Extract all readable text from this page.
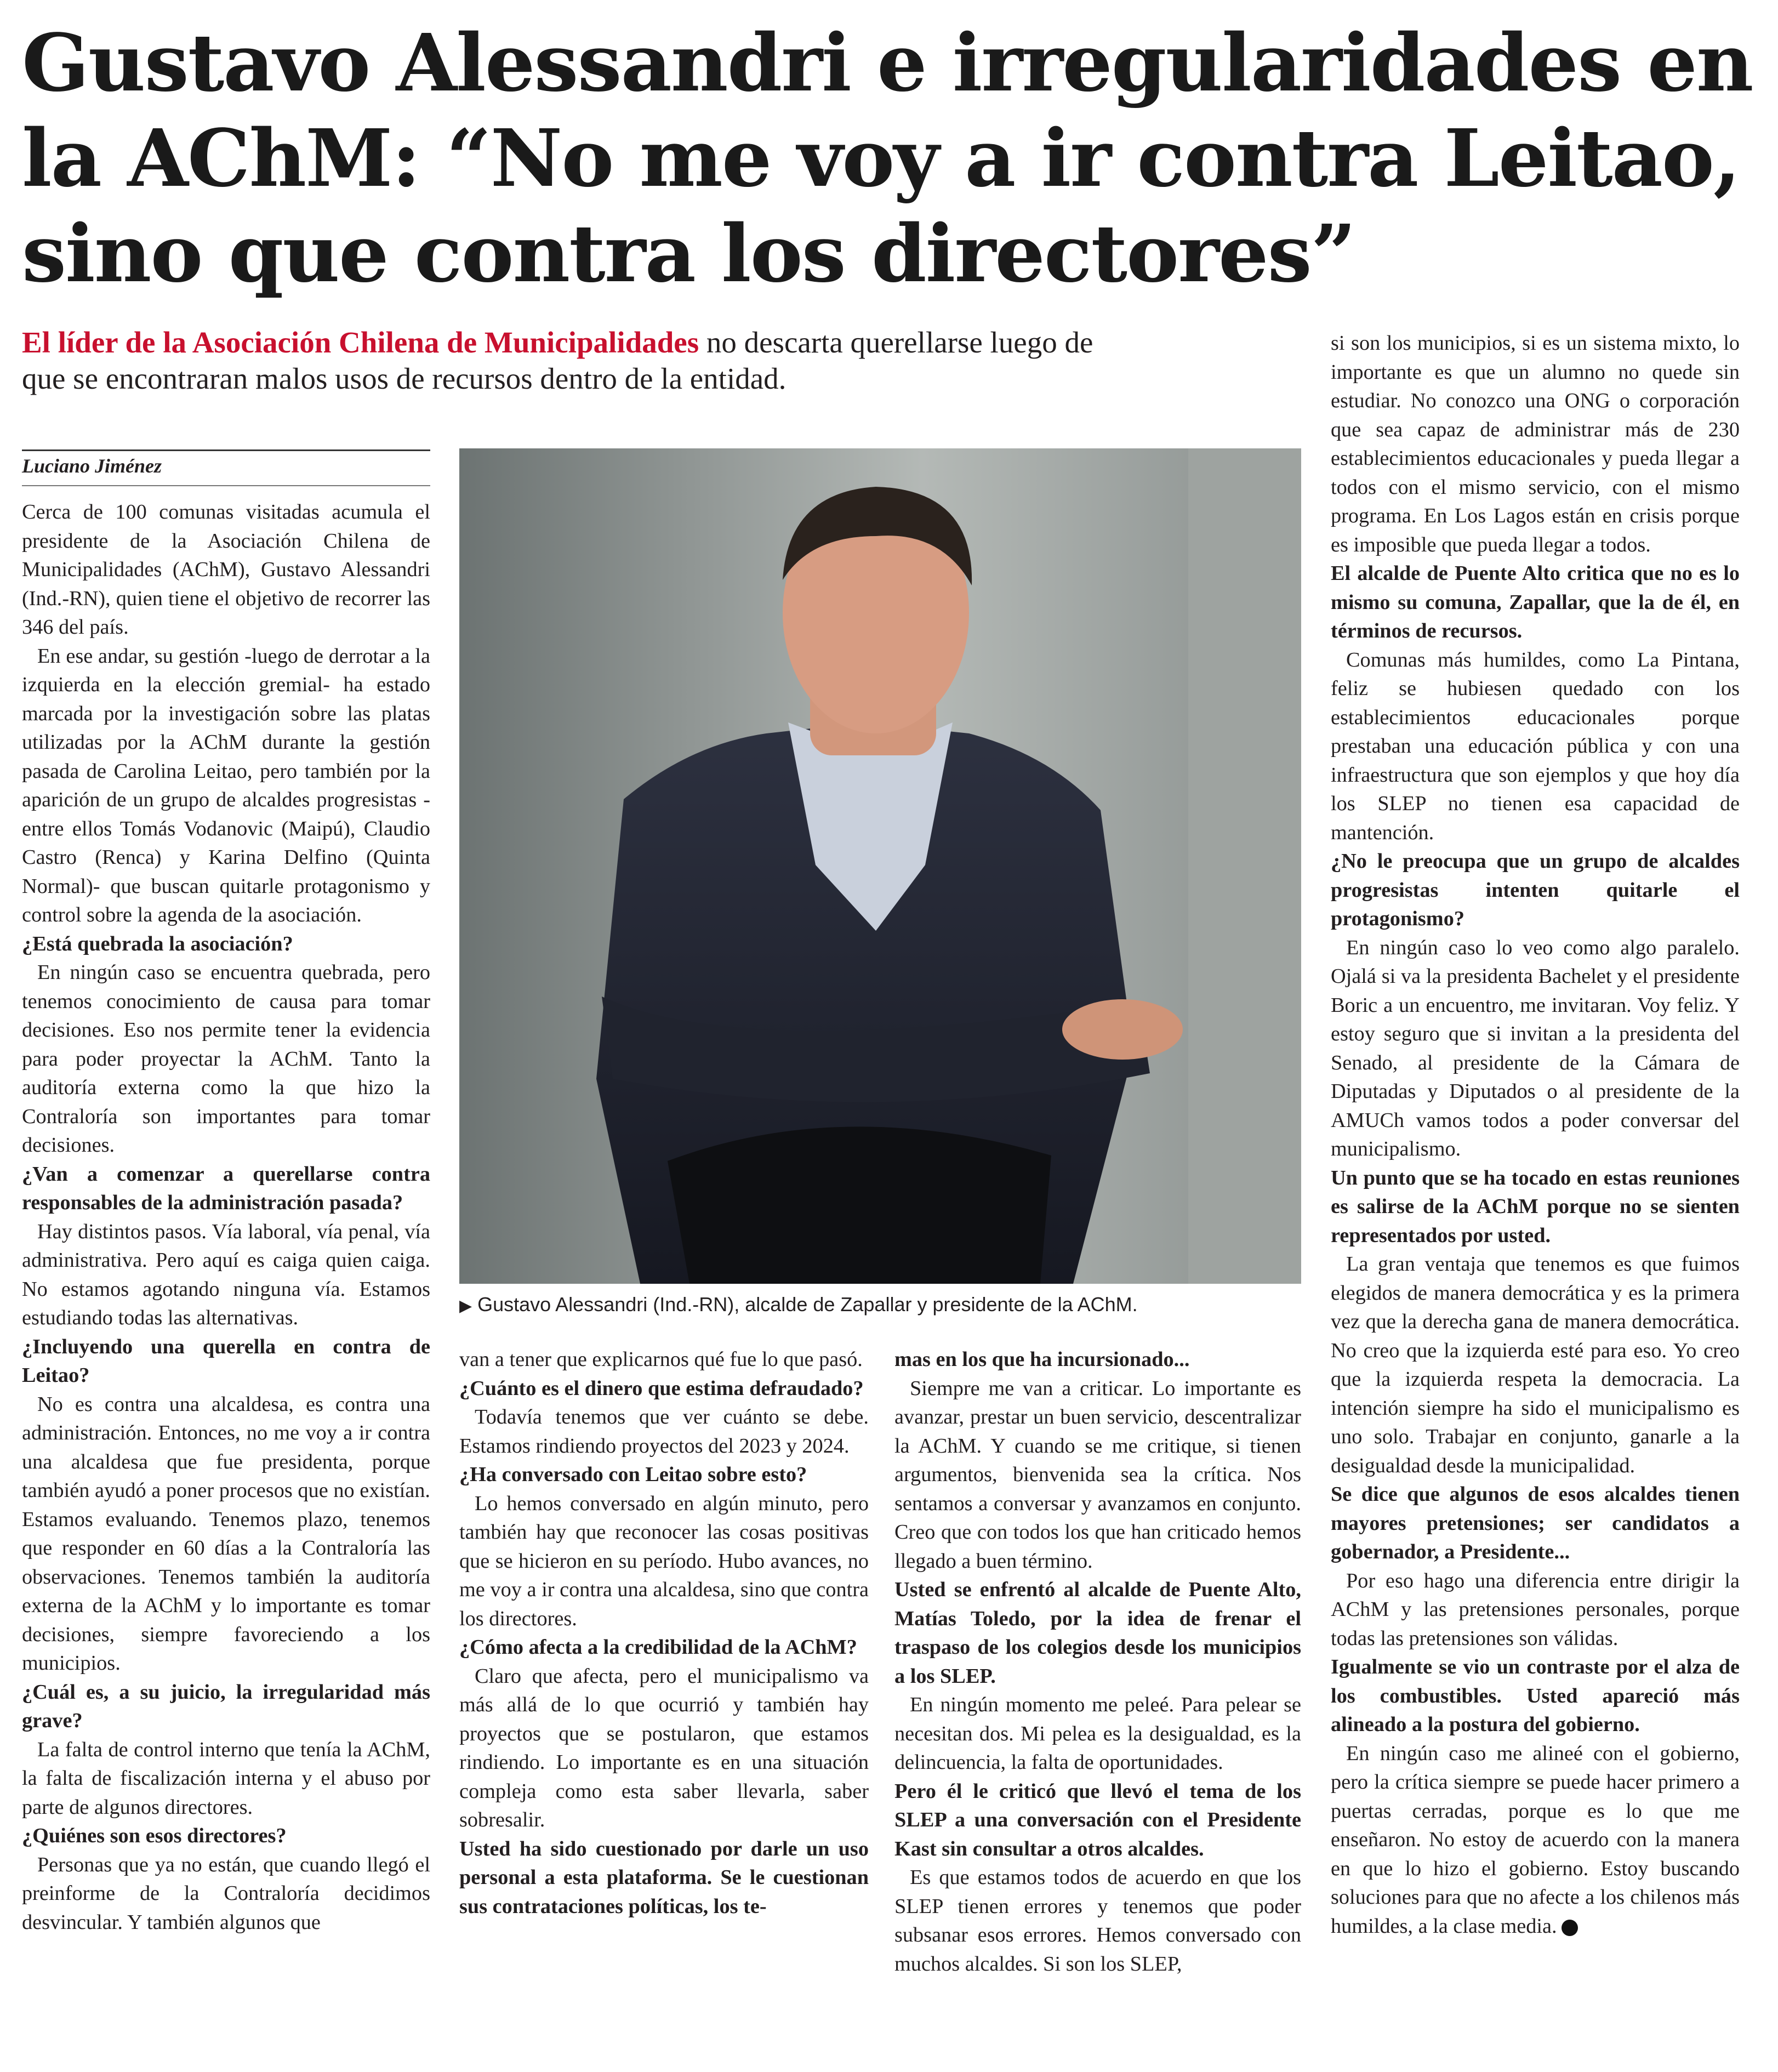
Gustavo Alessandri e irregularidades en la AChM: “No me voy a ir contra Leitao, sino que contra los directores”

El líder de la Asociación Chilena de Municipalidades no descarta querellarse luego de que se encontraran malos usos de recursos dentro de la entidad.

Luciano Jiménez

Cerca de 100 comunas visitadas acumula el presidente de la Asociación Chilena de Municipalidades (AChM), Gustavo Alessandri (Ind.-RN), quien tiene el objetivo de recorrer las 346 del país.

En ese andar, su gestión -luego de derrotar a la izquierda en la elección gremial- ha estado marcada por la investigación sobre las platas utilizadas por la AChM durante la gestión pasada de Carolina Leitao, pero también por la aparición de un grupo de alcaldes progresistas -entre ellos Tomás Vodanovic (Maipú), Claudio Castro (Renca) y Karina Delfino (Quinta Normal)- que buscan quitarle protagonismo y control sobre la agenda de la asociación.

¿Está quebrada la asociación?

En ningún caso se encuentra quebrada, pero tenemos conocimiento de causa para tomar decisiones. Eso nos permite tener la evidencia para poder proyectar la AChM. Tanto la auditoría externa como la que hizo la Contraloría son importantes para tomar decisiones.

¿Van a comenzar a querellarse contra responsables de la administración pasada?

Hay distintos pasos. Vía laboral, vía penal, vía administrativa. Pero aquí es caiga quien caiga. No estamos agotando ninguna vía. Estamos estudiando todas las alternativas.

¿Incluyendo una querella en contra de Leitao?

No es contra una alcaldesa, es contra una administración. Entonces, no me voy a ir contra una alcaldesa que fue presidenta, porque también ayudó a poner procesos que no existían. Estamos evaluando. Tenemos plazo, tenemos que responder en 60 días a la Contraloría las observaciones. Tenemos también la auditoría externa de la AChM y lo importante es tomar decisiones, siempre favoreciendo a los municipios.

¿Cuál es, a su juicio, la irregularidad más grave?

La falta de control interno que tenía la AChM, la falta de fiscalización interna y el abuso por parte de algunos directores.

¿Quiénes son esos directores?

Personas que ya no están, que cuando llegó el preinforme de la Contraloría decidimos desvincular. Y también algunos que

▶ Gustavo Alessandri (Ind.-RN), alcalde de Zapallar y presidente de la AChM.

van a tener que explicarnos qué fue lo que pasó.

¿Cuánto es el dinero que estima defraudado?

Todavía tenemos que ver cuánto se debe. Estamos rindiendo proyectos del 2023 y 2024.

¿Ha conversado con Leitao sobre esto?

Lo hemos conversado en algún minuto, pero también hay que reconocer las cosas positivas que se hicieron en su período. Hubo avances, no me voy a ir contra una alcaldesa, sino que contra los directores.

¿Cómo afecta a la credibilidad de la AChM?

Claro que afecta, pero el municipalismo va más allá de lo que ocurrió y también hay proyectos que se postularon, que estamos rindiendo. Lo importante es en una situación compleja como esta saber llevarla, saber sobresalir.

Usted ha sido cuestionado por darle un uso personal a esta plataforma. Se le cuestionan sus contrataciones políticas, los te-

mas en los que ha incursionado...

Siempre me van a criticar. Lo importante es avanzar, prestar un buen servicio, descentralizar la AChM. Y cuando se me critique, si tienen argumentos, bienvenida sea la crítica. Nos sentamos a conversar y avanzamos en conjunto. Creo que con todos los que han criticado hemos llegado a buen término.

Usted se enfrentó al alcalde de Puente Alto, Matías Toledo, por la idea de frenar el traspaso de los colegios desde los municipios a los SLEP.

En ningún momento me peleé. Para pelear se necesitan dos. Mi pelea es la desigualdad, es la delincuencia, la falta de oportunidades.

Pero él le criticó que llevó el tema de los SLEP a una conversación con el Presidente Kast sin consultar a otros alcaldes.

Es que estamos todos de acuerdo en que los SLEP tienen errores y tenemos que poder subsanar esos errores. Hemos conversado con muchos alcaldes. Si son los SLEP,

si son los municipios, si es un sistema mixto, lo importante es que un alumno no quede sin estudiar. No conozco una ONG o corporación que sea capaz de administrar más de 230 establecimientos educacionales y pueda llegar a todos con el mismo servicio, con el mismo programa. En Los Lagos están en crisis porque es imposible que pueda llegar a todos.

El alcalde de Puente Alto critica que no es lo mismo su comuna, Zapallar, que la de él, en términos de recursos.

Comunas más humildes, como La Pintana, feliz se hubiesen quedado con los establecimientos educacionales porque prestaban una educación pública y con una infraestructura que son ejemplos y que hoy día los SLEP no tienen esa capacidad de mantención.

¿No le preocupa que un grupo de alcaldes progresistas intenten quitarle el protagonismo?

En ningún caso lo veo como algo paralelo. Ojalá si va la presidenta Bachelet y el presidente Boric a un encuentro, me invitaran. Voy feliz. Y estoy seguro que si invitan a la presidenta del Senado, al presidente de la Cámara de Diputadas y Diputados o al presidente de la AMUCh vamos todos a poder conversar del municipalismo.

Un punto que se ha tocado en estas reuniones es salirse de la AChM porque no se sienten representados por usted.

La gran ventaja que tenemos es que fuimos elegidos de manera democrática y es la primera vez que la derecha gana de manera democrática. No creo que la izquierda esté para eso. Yo creo que la izquierda respeta la democracia. La intención siempre ha sido el municipalismo es uno solo. Trabajar en conjunto, ganarle a la desigualdad desde la municipalidad.

Se dice que algunos de esos alcaldes tienen mayores pretensiones; ser candidatos a gobernador, a Presidente...

Por eso hago una diferencia entre dirigir la AChM y las pretensiones personales, porque todas las pretensiones son válidas.

Igualmente se vio un contraste por el alza de los combustibles. Usted apareció más alineado a la postura del gobierno.

En ningún caso me alineé con el gobierno, pero la crítica siempre se puede hacer primero a puertas cerradas, porque es lo que me enseñaron. No estoy de acuerdo con la manera en que lo hizo el gobierno. Estoy buscando soluciones para que no afecte a los chilenos más humildes, a la clase media.
